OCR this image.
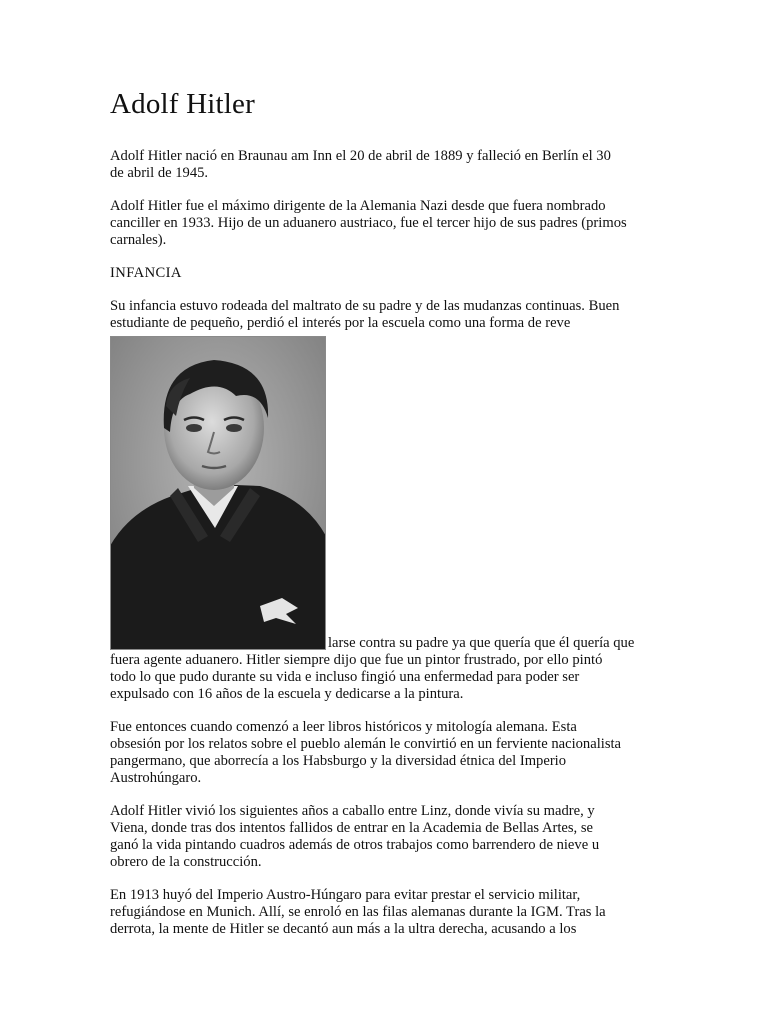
Adolf Hitler
Adolf Hitler nació en Braunau am Inn el 20 de abril de 1889 y falleció en Berlín el 30
de abril de 1945.
Adolf Hitler fue el máximo dirigente de la Alemania Nazi desde que fuera nombrado
canciller en 1933. Hijo de un aduanero austriaco, fue el tercer hijo de sus padres (primos
carnales).
INFANCIA
Su infancia estuvo rodeada del maltrato de su padre y de las mudanzas continuas. Buen
estudiante de pequeño, perdió el interés por la escuela como una forma de reve
larse contra su padre ya que quería que él quería que
fuera agente aduanero. Hitler siempre dijo que fue un pintor frustrado, por ello pintó
todo lo que pudo durante su vida e incluso fingió una enfermedad para poder ser
expulsado con 16 años de la escuela y dedicarse a la pintura.
Fue entonces cuando comenzó a leer libros históricos y mitología alemana. Esta
obsesión por los relatos sobre el pueblo alemán le convirtió en un ferviente nacionalista
pangermano, que aborrecía a los Habsburgo y la diversidad étnica del Imperio
Austrohúngaro.
Adolf Hitler vivió los siguientes años a caballo entre Linz, donde vivía su madre, y
Viena, donde tras dos intentos fallidos de entrar en la Academia de Bellas Artes, se
ganó la vida pintando cuadros además de otros trabajos como barrendero de nieve u
obrero de la construcción.
En 1913 huyó del Imperio Austro-Húngaro para evitar prestar el servicio militar,
refugiándose en Munich. Allí, se enroló en las filas alemanas durante la IGM. Tras la
derrota, la mente de Hitler se decantó aun más a la ultra derecha, acusando a los
